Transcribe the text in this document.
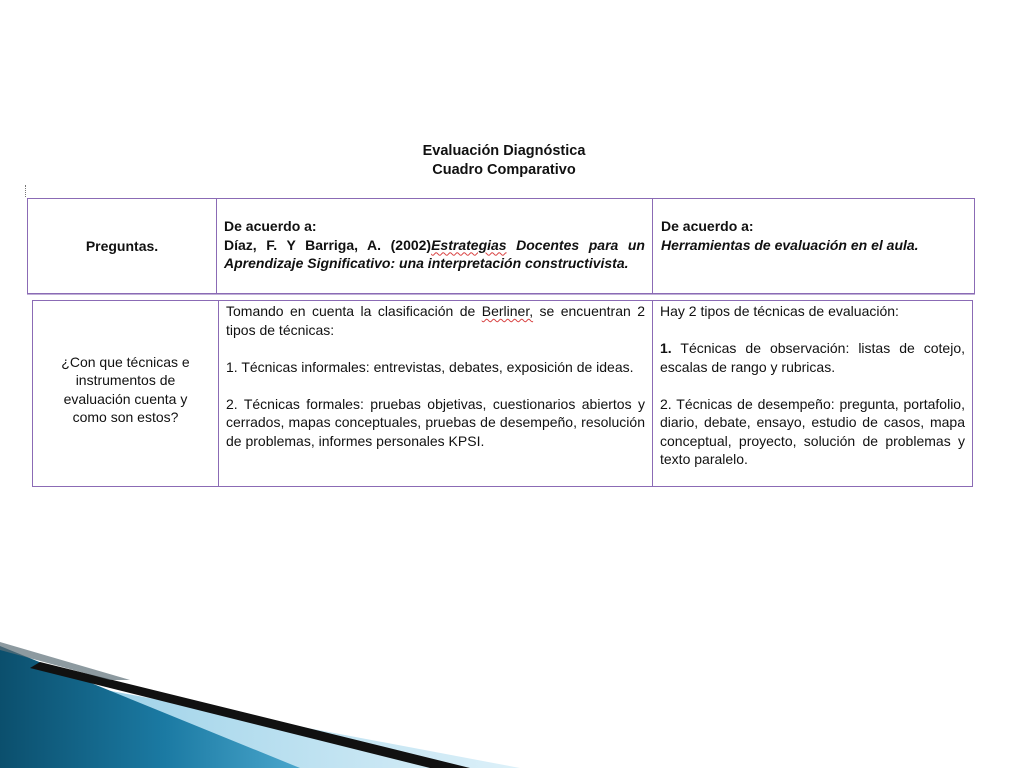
Evaluación Diagnóstica
Cuadro Comparativo
Preguntas.

De acuerdo a:

Díaz, F. Y Barriga, A. (2002)Estrategias Docentes para un Aprendizaje Significativo: una interpretación constructivista.

De acuerdo a:

Herramientas de evaluación en el aula.

¿Con que técnicas e instrumentos de evaluación cuenta y como son estos?

Tomando en cuenta la clasificación de Berliner, se encuentran 2 tipos de técnicas:

1. Técnicas informales: entrevistas, debates, exposición de ideas.

2. Técnicas formales: pruebas objetivas, cuestionarios abiertos y cerrados, mapas conceptuales, pruebas de desempeño, resolución de problemas, informes personales KPSI.

Hay 2 tipos de técnicas de evaluación:

1. Técnicas de observación: listas de cotejo, escalas de rango y rubricas.

2. Técnicas de desempeño: pregunta, portafolio, diario, debate, ensayo, estudio de casos, mapa conceptual, proyecto, solución de problemas y texto paralelo.
